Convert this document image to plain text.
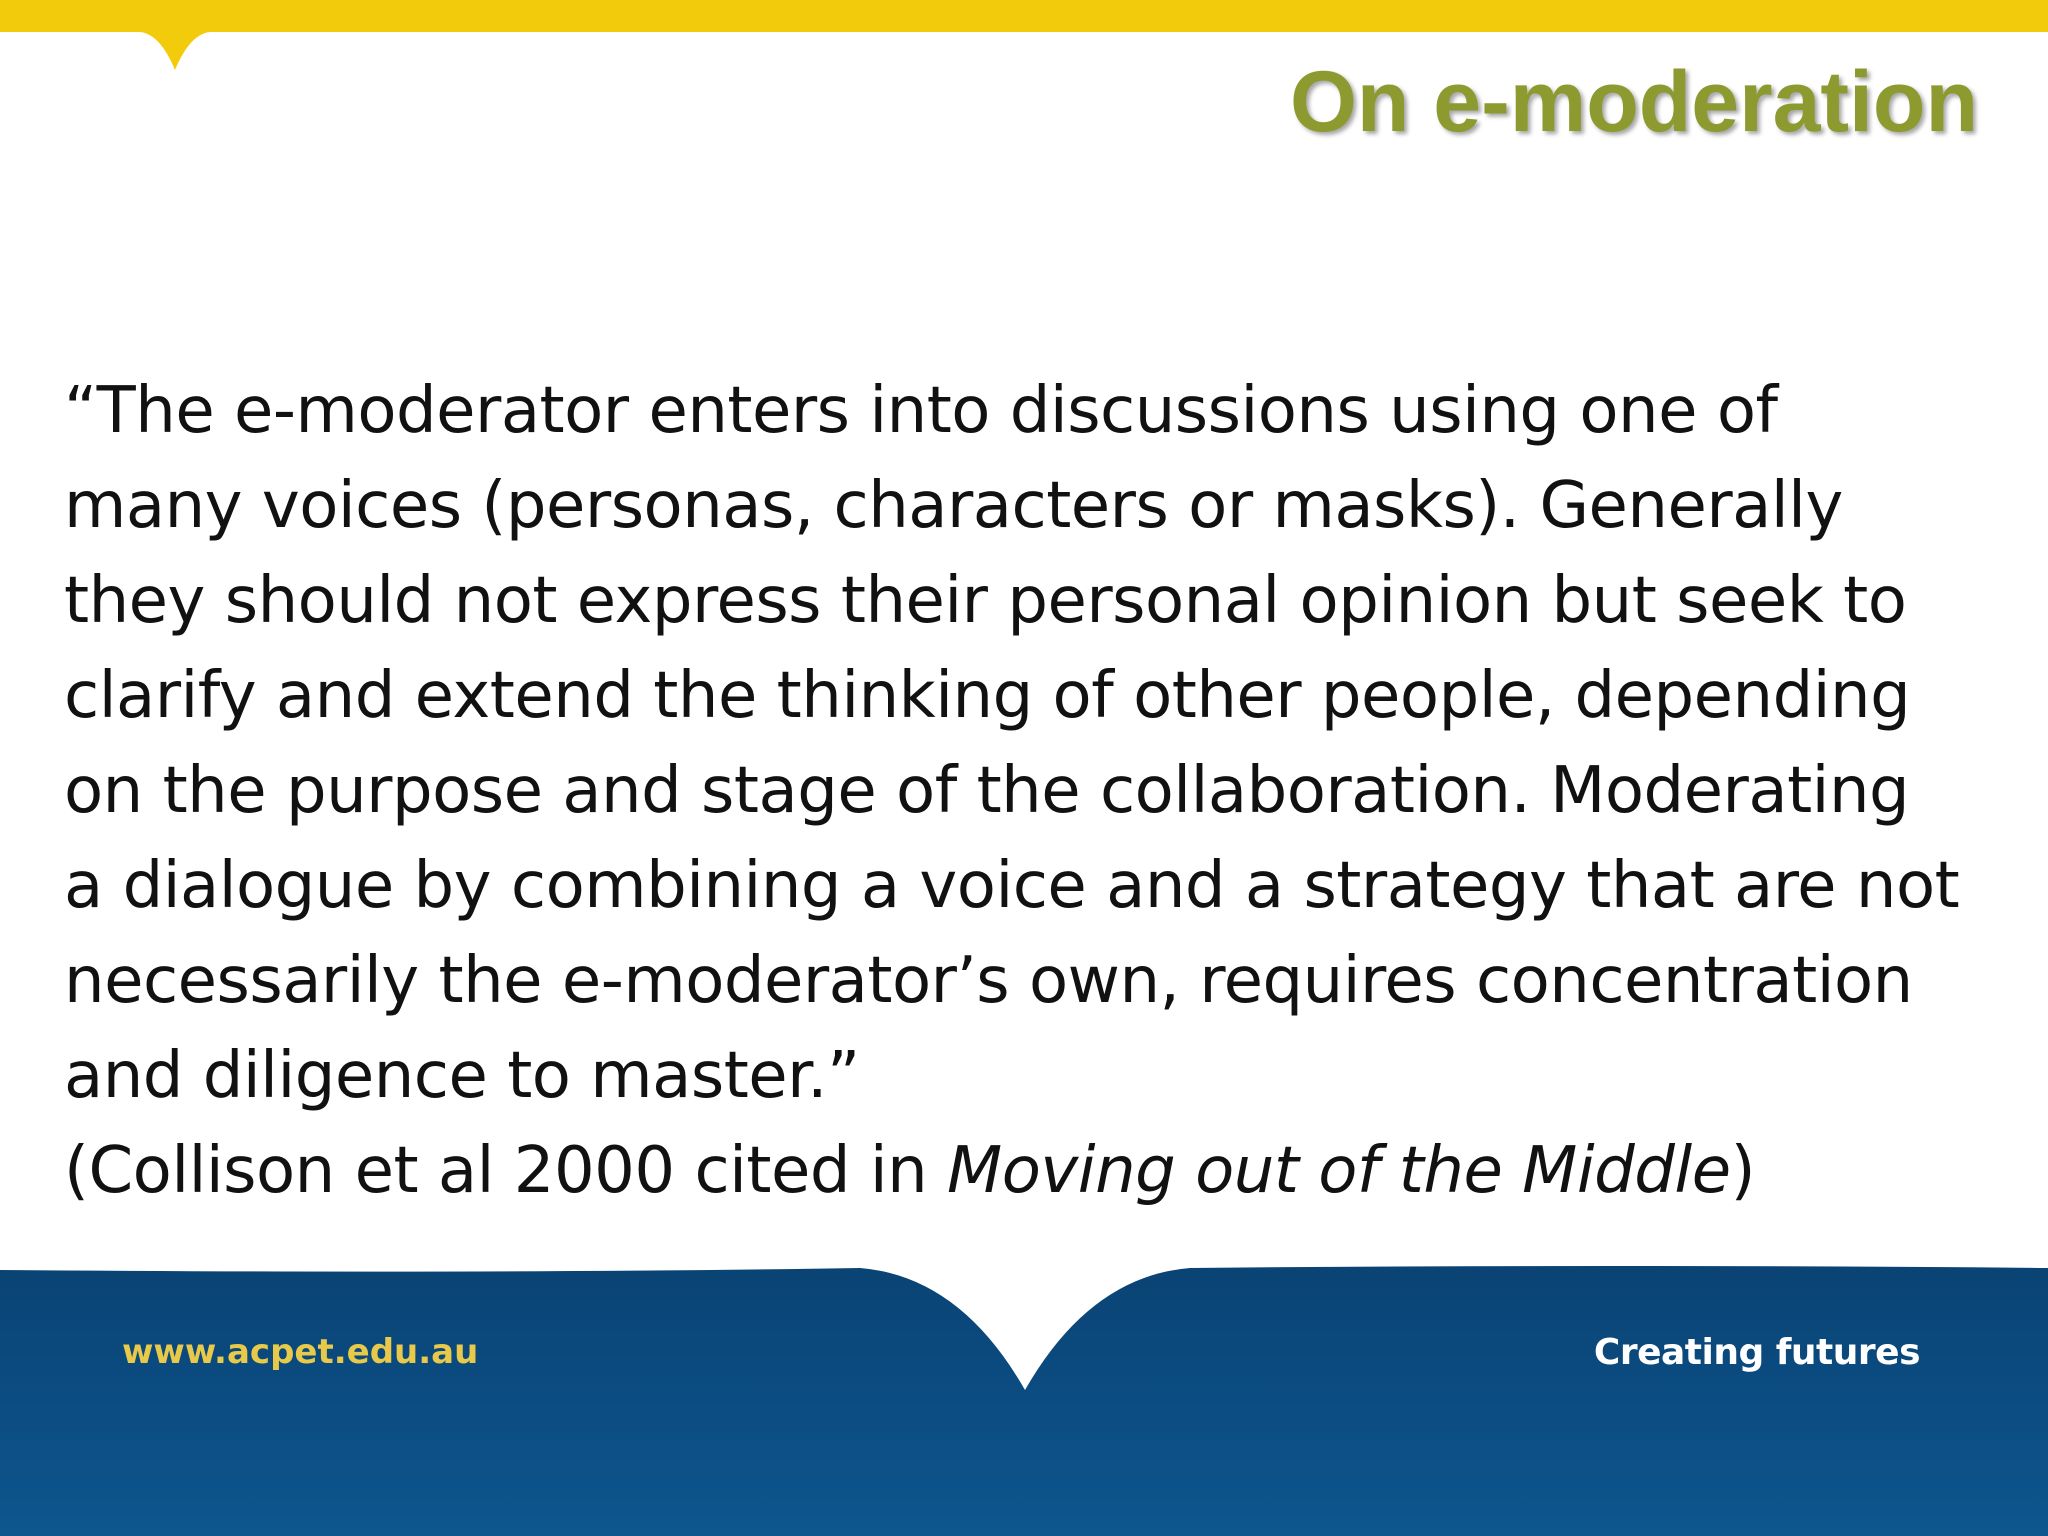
On e-moderation

“The e-moderator enters into discussions using one of
many voices (personas, characters or masks). Generally
they should not express their personal opinion but seek to
clarify and extend the thinking of other people, depending
on the purpose and stage of the collaboration. Moderating
a dialogue by combining a voice and a strategy that are not
necessarily the e-moderator’s own, requires concentration
and diligence to master.”

(Collison et al 2000 cited in Moving out of the Middle)

www.acpet.edu.au	Creating futures
